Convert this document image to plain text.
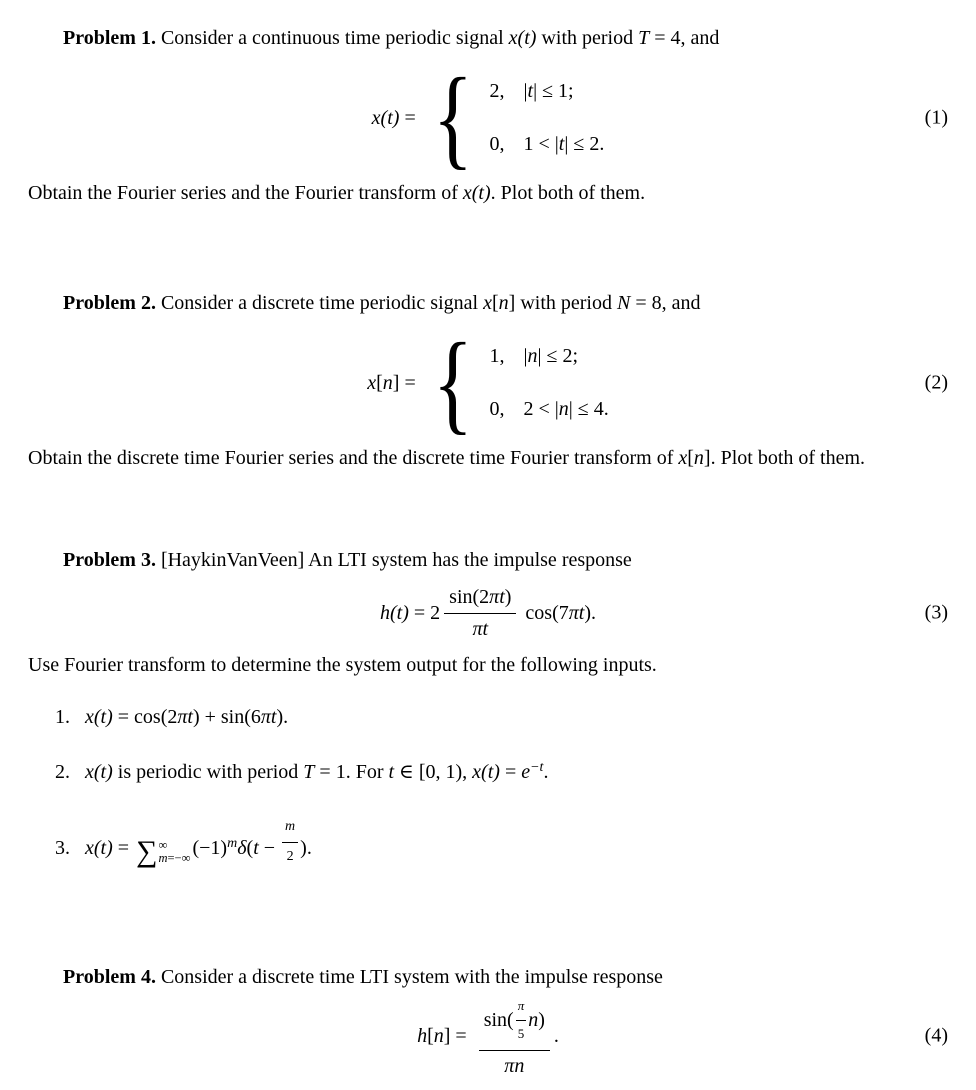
Problem 1. Consider a continuous time periodic signal x(t) with period T = 4, and

x(t) = { 2, |t| ≤ 1;
0, 1 < |t| ≤ 2.
(1)

Obtain the Fourier series and the Fourier transform of x(t). Plot both of them.

Problem 2. Consider a discrete time periodic signal x[n] with period N = 8, and

x[n] = { 1, |n| ≤ 2;
0, 2 < |n| ≤ 4.
(2)

Obtain the discrete time Fourier series and the discrete time Fourier transform of x[n]. Plot both of them.

Problem 3. [HaykinVanVeen] An LTI system has the impulse response

$h(t) = 2 \frac{\sin(2 \pi t )}{\pi t} \cos(7\pi t)$.	(3)

Use Fourier transform to determine the system output for the following inputs.

1. x(t) = cos(2πt) + sin(6πt).
2. x(t) is periodic with period T = 1. For t ∈ [0, 1), $x(t) = e^{-t}$.
3. x(t) = ∑ ∞
m=−∞ $(-1)^m\delta(t - \frac{m}{2}$ ).

Problem 4. Consider a discrete time LTI system with the impulse response

$h[n] = \frac{\sin( \frac{\pi}{5} n)}{\pi n}$ .	(4)
